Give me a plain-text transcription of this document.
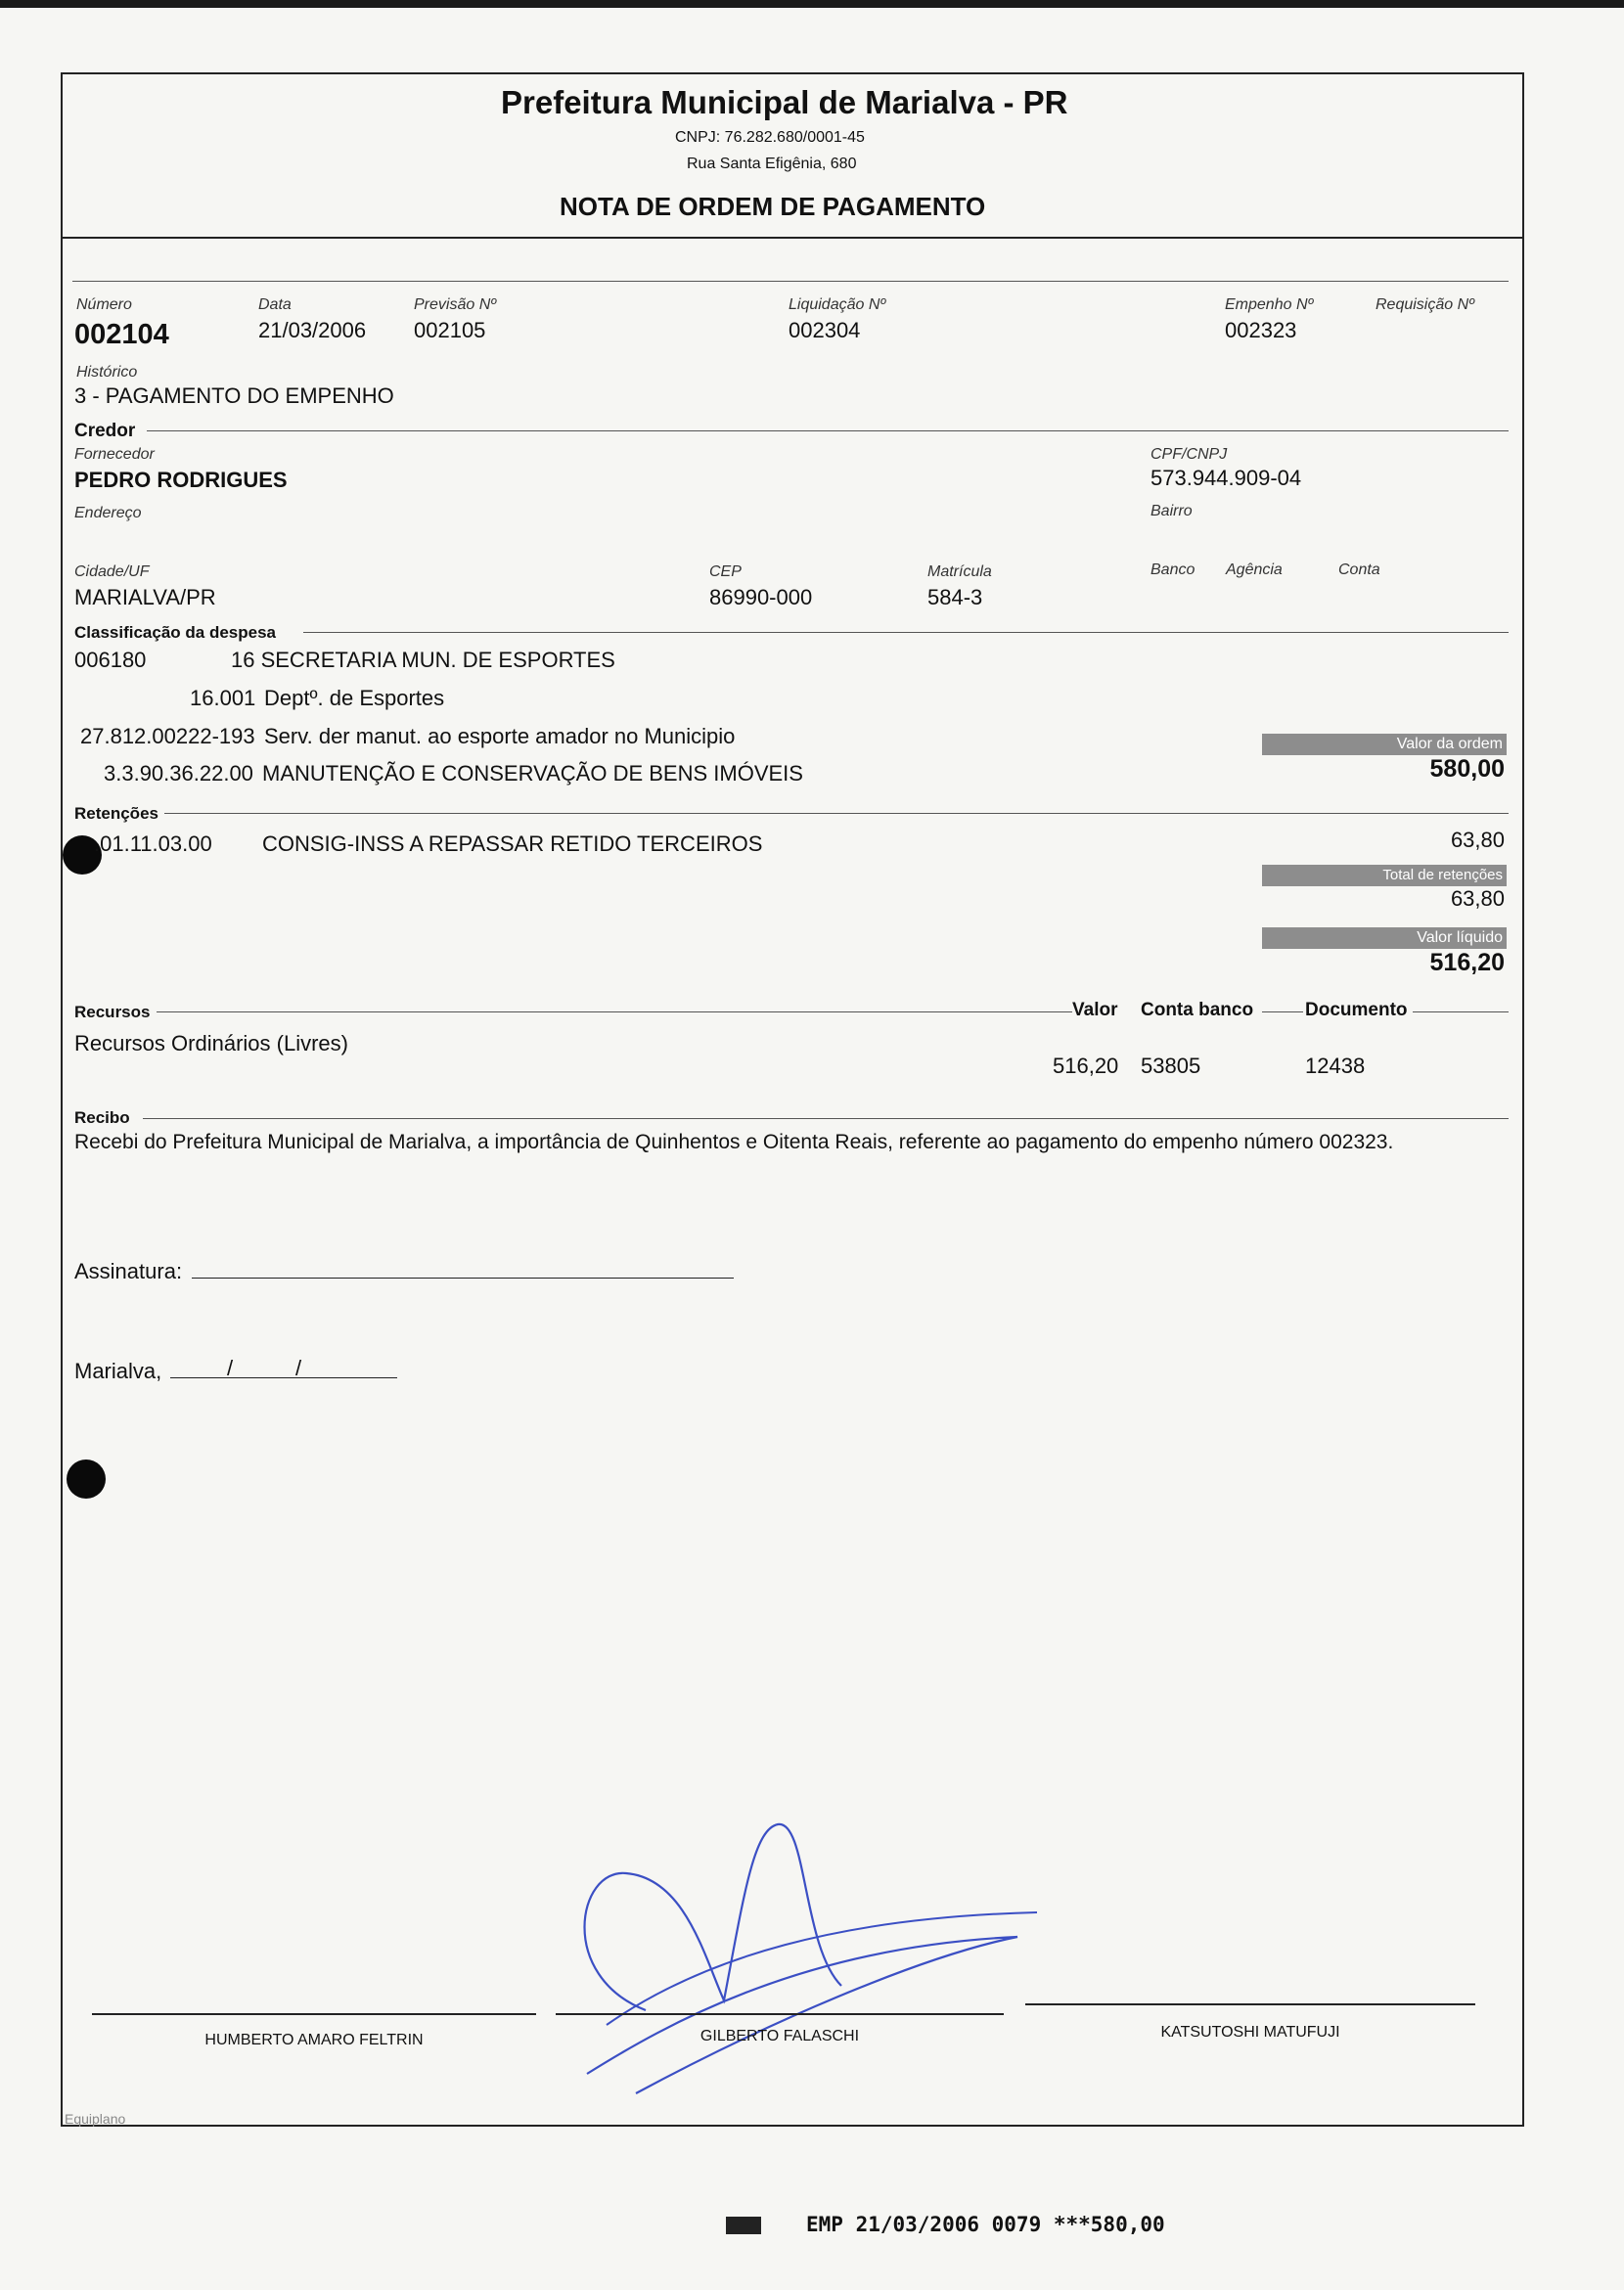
Prefeitura Municipal de Marialva - PR
CNPJ: 76.282.680/0001-45
Rua Santa Efigênia, 680
NOTA DE ORDEM DE PAGAMENTO
Número
002104
Data
21/03/2006
Previsão Nº
002105
Liquidação Nº
002304
Empenho Nº
002323
Requisição Nº
Histórico
3 - PAGAMENTO DO EMPENHO
Credor
Fornecedor
PEDRO RODRIGUES
CPF/CNPJ
573.944.909-04
Endereço	Bairro
Cidade/UF
MARIALVA/PR
CEP
86990-000
Matrícula
584-3
Banco Agência	Conta
Classificação da despesa
006180	16 SECRETARIA MUN. DE ESPORTES
16.001 Deptº. de Esportes
27.812.00222-193 Serv. der manut. ao esporte amador no Municipio
3.3.90.36.22.00 MANUTENÇÃO E CONSERVAÇÃO DE BENS IMÓVEIS
Valor da ordem
580,00
Retenções
.01.11.03.00 CONSIG-INSS A REPASSAR RETIDO TERCEIROS	63,80
Total de retenções
63,80
Valor líquido
516,20
Recursos	Valor Conta banco	Documento
Recursos Ordinários (Livres)
516,20 53805	12438
Recibo
Recebi do Prefeitura Municipal de Marialva, a importância de Quinhentos e Oitenta Reais, referente ao pagamento do empenho número 002323.
Assinatura:
Marialva,	/	/
HUMBERTO AMARO FELTRIN	GILBERTO FALASCHI	KATSUTOSHI MATUFUJI
Equiplano
EMP 21/03/2006 0079 ***580,00
